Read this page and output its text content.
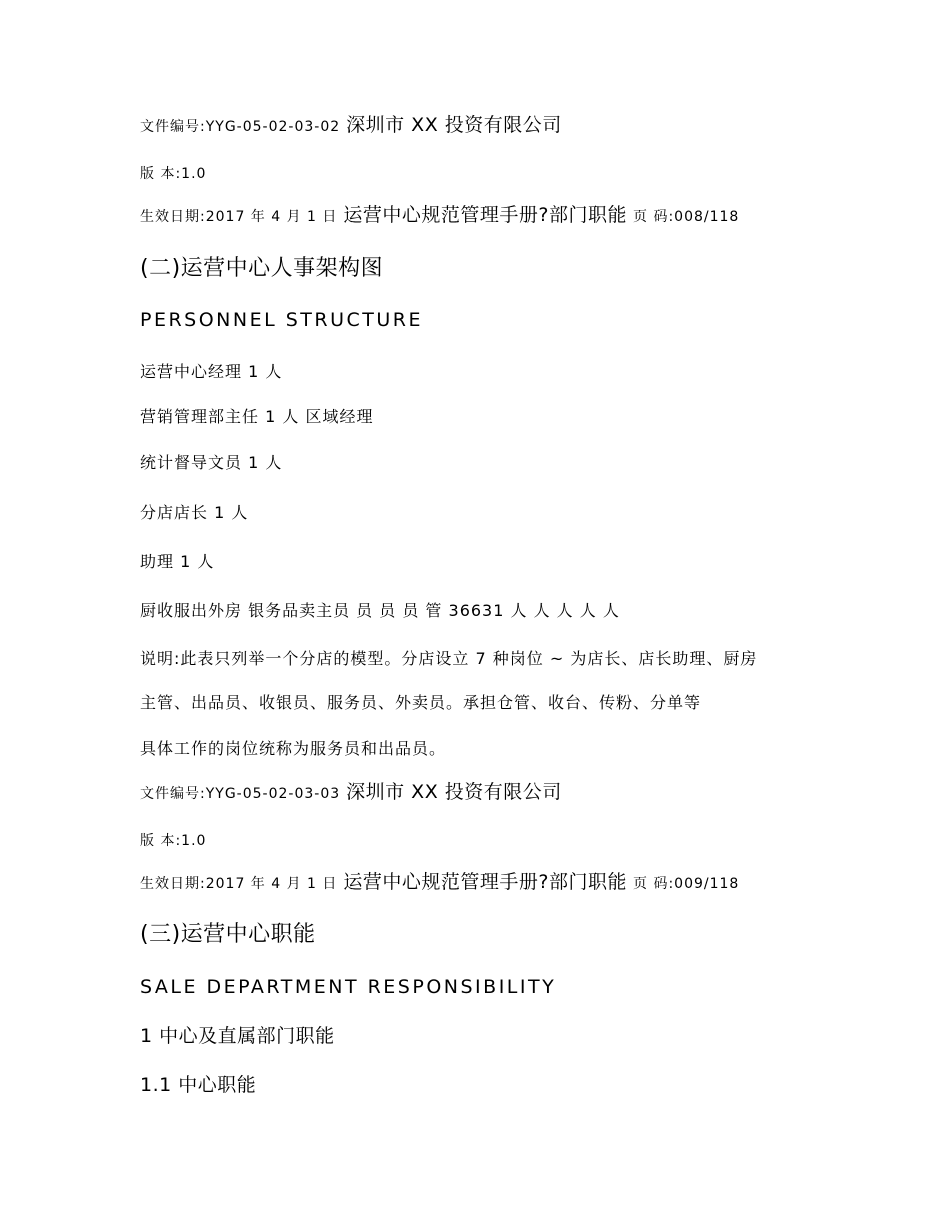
文件编号:YYG-05-02-03-02 深圳市 XX 投资有限公司
版 本:1.0
生效日期:2017 年 4 月 1 日 运营中心规范管理手册?部门职能 页 码:008/118
(二)运营中心人事架构图
PERSONNEL STRUCTURE
运营中心经理 1 人
营销管理部主任 1 人 区域经理
统计督导文员 1 人
分店店长 1 人
助理 1 人
厨收服出外房 银务品卖主员 员 员 员 管 36631 人 人 人 人 人
说明:此表只列举一个分店的模型。分店设立 7 种岗位 ~ 为店长、店长助理、厨房
主管、出品员、收银员、服务员、外卖员。承担仓管、收台、传粉、分单等
具体工作的岗位统称为服务员和出品员。
文件编号:YYG-05-02-03-03 深圳市 XX 投资有限公司
版 本:1.0
生效日期:2017 年 4 月 1 日 运营中心规范管理手册?部门职能 页 码:009/118
(三)运营中心职能
SALE DEPARTMENT RESPONSIBILITY
1 中心及直属部门职能
1.1 中心职能
